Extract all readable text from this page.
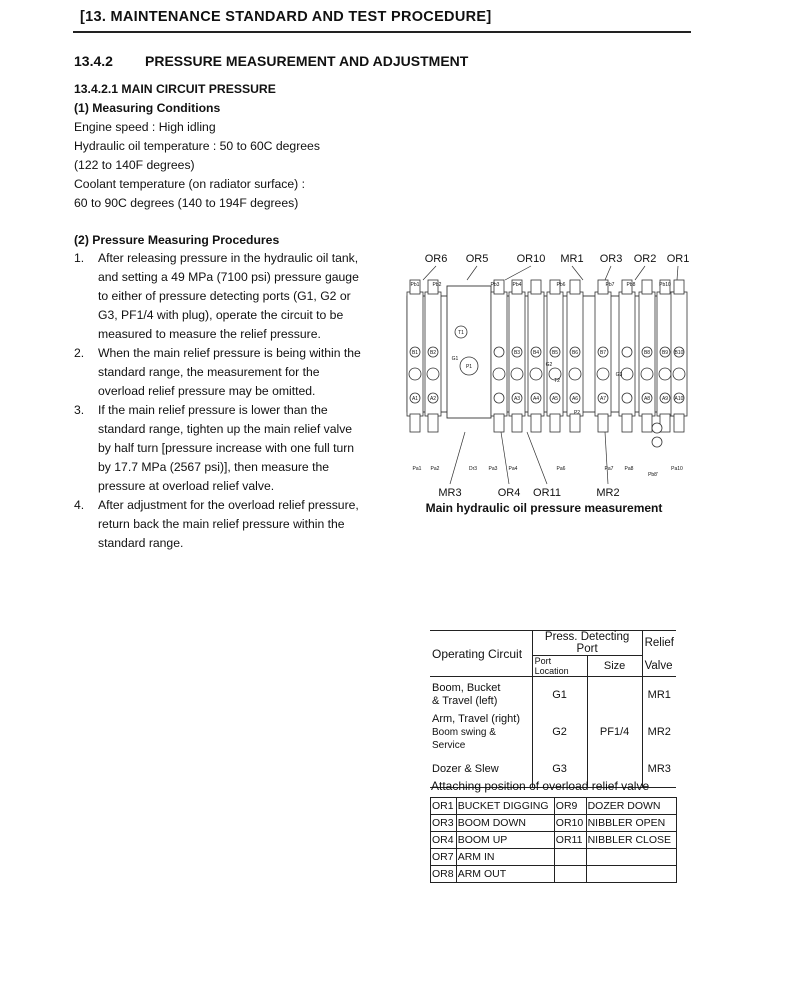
[13. MAINTENANCE STANDARD AND TEST PROCEDURE]
13.4.2 PRESSURE MEASUREMENT AND ADJUSTMENT
13.4.2.1 MAIN CIRCUIT PRESSURE
(1) Measuring Conditions
Engine speed : High idling
Hydraulic oil temperature : 50 to 60C degrees
(122 to 140F degrees)
Coolant temperature (on radiator surface) :
60 to 90C degrees (140 to 194F degrees)
(2) Pressure Measuring Procedures
1.	After releasing pressure in the hydraulic oil tank, and setting a 49 MPa (7100 psi) pressure gauge to either of pressure detecting ports (G1, G2 or G3, PF1/4 with plug), operate the circuit to be measured to measure the relief pressure.
2.	When the main relief pressure is being within the standard range, the measurement for the overload relief pressure may be omitted.
3.	If the main relief pressure is lower than the standard range, tighten up the main relief valve by half turn [pressure increase with one full turn by 17.7 MPa (2567 psi)], then measure the pressure at overload relief valve.
4.	After adjustment for the overload relief pressure, return back the main relief pressure within the standard range.
OR6 OR5	OR10 MR1 OR3 OR2 OR1
B1 B2	B3	B4	B5	B6	B7	B8 B9 B10
A1 A2	A3	A4	A5	A6	A7	A8 A9 A10
Pb1	Pb2	Pb3	Pb4	Pb6	Pb7 Pb8	Pb10
Pa1 Pa2	Dr3 Pa3 Pa4	Pa6	Pa7 Pa8	Pa10
Pb8'
G1
G2
G3
T1
T2
P1
P2
MR3	OR4 OR11	MR2
Main hydraulic oil pressure measurement
Operating Circuit	Press. Detecting Port		Relief
	Port Location	Size	Valve

Boom, Bucket
& Travel (left)	G1	PF1/4	MR1

Arm, Travel (right)
Boom swing & Service	G2		MR2

Dozer & Slew	G3		MR3
Attaching position of overload relief valve
OR1	BUCKET DIGGING	OR9	DOZER DOWN
OR3	BOOM DOWN	OR10	NIBBLER OPEN
OR4	BOOM UP	OR11	NIBBLER CLOSE
OR7	ARM IN		
OR8	ARM OUT		
